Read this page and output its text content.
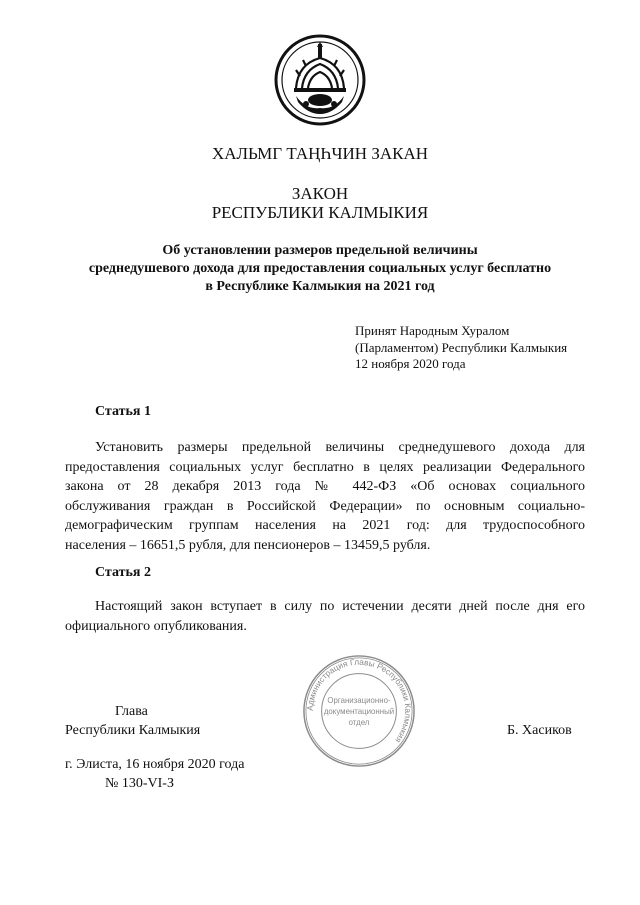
ХАЛЬМГ ТАҢҺЧИН ЗАКАН
ЗАКОН
РЕСПУБЛИКИ КАЛМЫКИЯ
Об установлении размеров предельной величины
среднедушевого дохода для предоставления социальных услуг бесплатно
в Республике Калмыкия на 2021 год
Принят Народным Хуралом
(Парламентом) Республики Калмыкия
12 ноября 2020 года
Статья 1
Установить размеры предельной величины среднедушевого дохода для
предоставления социальных услуг бесплатно в целях реализации Федерального
закона от 28 декабря 2013 года № 442-ФЗ «Об основах социального
обслуживания граждан в Российской Федерации» по основным социально-
демографическим группам населения на 2021 год: для трудоспособного
населения – 16651,5 рубля, для пенсионеров – 13459,5 рубля.
Статья 2
Настоящий закон вступает в силу по истечении десяти дней после дня его
официального опубликования.
Глава
Республики Калмыкия	Б. Хасиков
г. Элиста, 16 ноября 2020 года
№ 130-VI-З
Администрация Главы Республики Калмыкия
Организационно-
документационный
отдел
